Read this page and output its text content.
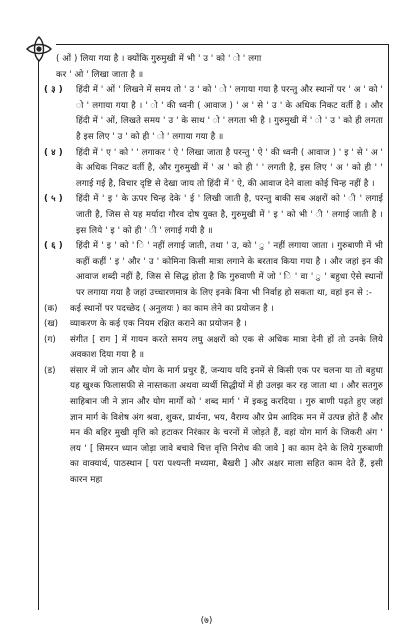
( ओं ) लिया गया है । क्योंकि गुरुमुखी में भी ' उ ' को ' ो ' लगा

कर ' ओ ' लिखा जाता है ॥

( ३ )	हिंदी में ' ओं ' लिखने में समय तो ' उ ' को ' ो ' लगाया गया है परन्तु और स्थानों पर ' अ ' को ' ो ' लगाया गया है । ' ो ' की ध्वनी ( आवाज ) ' अ ' से ' उ ' के अधिक निकट वर्ती है । और हिंदी में ' ओं, लिखते समय ' उ ' के साथ ' ो ' लगता भी है । गुरुमुखी में ' ो ' उ ' को ही लगता है इस लिए ' उ ' को ही ' ो ' लगाया गया है ॥
( ४ )	हिंदी में ' ए ' को ' ' लगाकर ' ऐ ' लिखा जाता है परन्तु ' ऐ ' की ध्वनी ( आवाज ) ' इ ' से ' अ ' के अधिक निकट वर्ती है, और गुरुमुखी में ' अ ' को ही ' ' लगती है, इस लिए ' अ ' को ही ' ' लगाई गई है, विचार दृष्टि से देखा जाय तो हिंदी में ' ऐ, की आवाज देने वाला कोई चिन्ह नहीं है ।
( ५ )	हिंदी में ' इ ' के ऊपर चिन्ह देके ' ई ' लिखी जाती है, परन्तु बाकी सब अक्षरों को ' ी ' लगाई जाती है, जिस से यह मर्यादा गौरव दोष युक्त है, गुरुमुखी में ' इ ' को भी ' ी ' लगाई जाती है । इस लिये ' इ ' को ही ' ी ' लगाई गयी है ॥
( ६ )	हिंदी में ' इ ' को ' ि ' नहीं लगाई जाती, तथा ' उ, को ' ु ' नहीं लगाया जाता । गुरुबाणी में भी कहीं कहीं ' इ ' और ' उ ' कोमिना किसी मात्रा लगाने के बरताव किया गया है । और जहां इन की आवाज शब्दी नहीं है, जिस से सिद्ध होता है कि गुरुवाणी में जो ' ि ' वा ' ु ' बहुधा ऐसे स्थानों पर लगाया गया है जहां उच्चारणमात्र के लिए इनके बिना भी निर्वाह हो सकता था, वहां इन से :-
(क)	कई स्थानों पर पदच्छेद ( अनुलयः ) का काम लेने का प्रयोजन है ।
(ख)	व्याकरण के कई एक नियम रक्षित कराने का प्रयोजन है ।
(ग)	संगीत [ राग ] में गायन करते समय लघु अक्षरों को एक से अधिक मात्रा देनी हों तो उनके लिये अवकाश दिया गया है ॥
(ड)	संसार में जो ज्ञान और योग के मार्ग प्रचुर हैं, जन्याय यदि इनमें से किसी एक पर चलना या तो बहुधा यह खुश्क फिलासफी से नास्तकता अथवा व्यर्थी सिद्धीयों में ही उलझ कर रह जाता था । और सतगुरु साहिबान जी ने ज्ञान और योग मार्गों को ' शब्द मार्ग ' में इकट्ठ करदिया । गुरु बाणी पढ़ते हुए जहां ज्ञान मार्ग के विशेष अंग श्रवा, शुकर, प्रार्थना, भय, वैराग्य और प्रेम आदिक मन में उत्पन्न होते हैं और मन की बहिर मुखी वृत्ति को हटाकर निरंकार के चरनों में जोड़ते हैं, वहां योग मार्ग के जिकरी अंग ' लय ' [ सिमरन ध्यान जोड़ा जावे बचावे चित्त वृत्ति निरोध की जावे ] का काम देने के लिये गुरुबाणी का वाक्यार्थ, पाठस्थान [ परा पश्यन्ती मध्यमा, बैखरी ] और अक्षर माला सहित काम देते हैं, इसी कारन महा
(७)
